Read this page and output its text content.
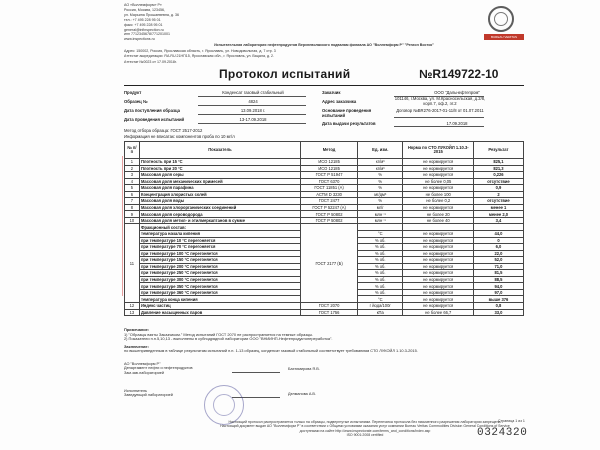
АО «Воллемформ» Р»
Россия, Москва, 123456,
ул. Марьина Прошаевевна, д. 36
тел.: +7 495 228 95 01
факс: +7 495 228 95 01
general@infinspection.ru
инн 7712345678/771201001
www.inspections.ru
BUREAU VERITAS
Испытательная лаборатория нефтепродуктов Верхневолжского подвалам филиала АО "Воллемформ Р" "Регион Восток"
Адрес: 150002, Россия, Ярославская область, г. Ярославль, ул. Новодовольная, д. 7 стр. 3
Аттестат аккредитации: RA.RU.21НП15, Ярославская обл., г. Ярославль, ул. Вацала, д. 2.
Аттестат №0023 от 17.09.2018г.
Протокол испытаний	№R149722-10
Продукт	Конденсат газовый стабильный
Образец №	4824
Дата поступления образца	13.09.2018 г.
Дата проведения испытаний	13-17.09.2018
Заказчик	ООО "Дальнефтепром"
Адрес заказчика
101146, г.Москва, ул. М.Красносельская, д.2/8, корп.7, оф.2, эт.2
Основание проведения испытаний
Договор №BR276-2017-01-11/8 от 01.07.2011
Дата выдачи результатов	17.09.2018
Метод отбора образца: ГОСТ 2517-2012
Информация не вписатак: компонентов проба по 10 мг/л
№ п/п	Показатель	Метод	Ед. изм.	Норма по СТО ЛУКОЙЛ 1.10.3-2015	Результат
1	Плотность при 15 °С	ИСО 12185	кг/м³	не нормируется	825,1
2	Плотность при 20 °С	ИСО 12185	кг/м³	не нормируется	821,3
3	Массовая доля серы	ГОСТ Р 51947	%	не нормируется	0,226
4	Массовая доля механических примесей	ГОСТ 6370	%	не более 0,05	отсутствие
5	Массовая доля парафина	ГОСТ 11851 (А)	%	не нормируется	0,9
6	Концентрация хлористых солей	АСТМ D 3230	мг/дм³	не более 100	2
7	Массовая доля воды	ГОСТ 2477	%	не более 0,2	отсутствие
8	Массовая доля хлорорганических соединений	ГОСТ Р 52247 (А)	мг/г	не нормируется	менее 1
9	Массовая доля сероводорода	ГОСТ Р 50802	млн⁻¹	не более 20	менее 2,0
10	Массовая доля метил- и этилмеркаптанов в сумме	ГОСТ Р 50802	млн⁻¹	не более 40	3,4
11	Фракционный состав:	ГОСТ 2177 (Б)			
	температура начала кипения		°С	не нормируется	44,0
	при температуре 10 °С перегоняется		% об.	не нормируется	0
	при температуре 70 °С перегоняется		% об.	не нормируется	6,0
	при температуре 100 °С перегоняется		% об.	не нормируется	22,0
	при температуре 150 °С перегоняется		% об.	не нормируется	52,0
	при температуре 200 °С перегоняется		% об.	не нормируется	71,0
	при температуре 250 °С перегоняется		% об.	не нормируется	81,5
	при температуре 300 °С перегоняется		% об.	не нормируется	88,5
	при температуре 350 °С перегоняется		% об.	не нормируется	94,0
	при температуре 360 °С перегоняется		% об.	не нормируется	97,0
	температура конца кипения		°С	не нормируется	выше 376
12	Индекс частиц	ГОСТ 2070	г йода/100г	не нормируется	0,8
13	Давление насыщенных паров	ГОСТ 1756	кПа	не более 66,7	33,0
Примечание:
1) "Образцы взяты Заказчиком." Метод испытаний ГОСТ 2070 не распространяется на темные образцы.
2) Показатели п.п.5,10,13 - выполнены в субподрядной лаборатории ООО "ВНИИНП-Нефтепродуктопереработка".
Заключение:
по вышеприведенным в таблице результатам испытаний п.п. 1-13 образец, конденсат газовый стабильный соответствует требованиям СТО ЛУКОЙЛ 1.10.3-2015.
АО "Воллемформ Р"
Департамент нефти и нефтепродуктов
Зам.зав.лабораторией
Бахтимирова Я.В.
Исполнитель
Заведующий лабораторией	Делманова А.В.
Настоящий протокол распространяется только на образцы, подвергнутые испытаниям. Перепечатка протокола без письменного разрешения лаборатории запрещена.
Настоящий документ выдан АО "Воллемформ Р" в соответствии с Общими условиями оказания услуг компании Bureau Veritas Commodities Division General Conditions of Service доступными на сайте http://www.inspectorate.com/terms_and_conditions/index.asp
ISO 9001:2008 certified
Страница 1 из 1
0324320
